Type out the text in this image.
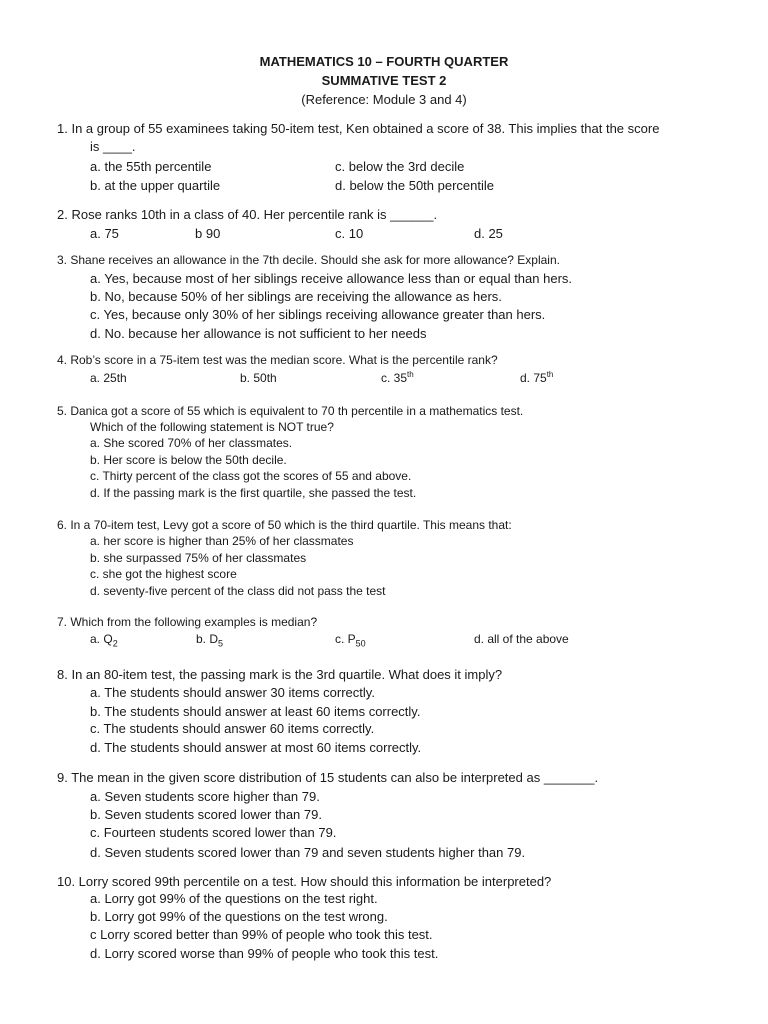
MATHEMATICS 10 – FOURTH QUARTER
SUMMATIVE TEST 2
(Reference: Module 3 and 4)
1. In a group of 55 examinees taking 50-item test, Ken obtained a score of 38. This implies that the score
is ____.
a. the 55th percentile	c. below the 3rd decile
b. at the upper quartile	d. below the 50th percentile
2. Rose ranks 10th in a class of 40. Her percentile rank is ______.
a. 75	b 90	c. 10	d. 25
3. Shane receives an allowance in the 7th decile. Should she ask for more allowance? Explain.
a. Yes, because most of her siblings receive allowance less than or equal than hers.
b. No, because 50% of her siblings are receiving the allowance as hers.
c. Yes, because only 30% of her siblings receiving allowance greater than hers.
d. No. because her allowance is not sufficient to her needs
4. Rob’s score in a 75-item test was the median score. What is the percentile rank?
a. 25th	b. 50th	c. 35th	d. 75th
5. Danica got a score of 55 which is equivalent to 70 th percentile in a mathematics test.
Which of the following statement is NOT true?
a. She scored 70% of her classmates.
b. Her score is below the 50th decile.
c. Thirty percent of the class got the scores of 55 and above.
d. If the passing mark is the first quartile, she passed the test.
6. In a 70-item test, Levy got a score of 50 which is the third quartile. This means that:
a. her score is higher than 25% of her classmates
b. she surpassed 75% of her classmates
c. she got the highest score
d. seventy-five percent of the class did not pass the test
7. Which from the following examples is median?
a. $Q_2$	b. $D_5$	c. $P_{50}$	d. all of the above
8. In an 80-item test, the passing mark is the 3rd quartile. What does it imply?
a. The students should answer 30 items correctly.
b. The students should answer at least 60 items correctly.
c. The students should answer 60 items correctly.
d. The students should answer at most 60 items correctly.
9. The mean in the given score distribution of 15 students can also be interpreted as _______.
a. Seven students score higher than 79.
b. Seven students scored lower than 79.
c. Fourteen students scored lower than 79.
d. Seven students scored lower than 79 and seven students higher than 79.
10. Lorry scored 99th percentile on a test. How should this information be interpreted?
a. Lorry got 99% of the questions on the test right.
b. Lorry got 99% of the questions on the test wrong.
c Lorry scored better than 99% of people who took this test.
d. Lorry scored worse than 99% of people who took this test.
